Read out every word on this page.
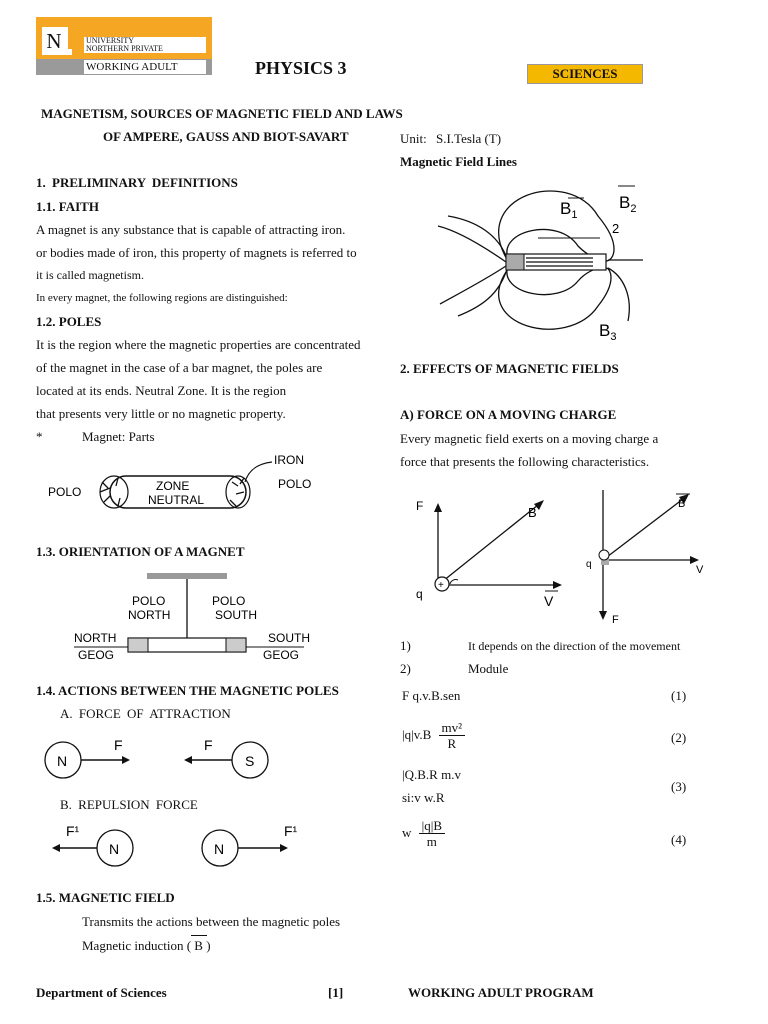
N	UNIVERSITY
NORTHERN PRIVATE
WORKING ADULT	PHYSICS 3	SCIENCES
MAGNETISM, SOURCES OF MAGNETIC FIELD AND LAWS
OF AMPERE, GAUSS AND BIOT-SAVART
1. PRELIMINARY DEFINITIONS
1.1. FAITH
A magnet is any substance that is capable of attracting iron.
or bodies made of iron, this property of magnets is referred to
it is called magnetism.
In every magnet, the following regions are distinguished:
1.2. POLES
It is the region where the magnetic properties are concentrated
of the magnet in the case of a bar magnet, the poles are
located at its ends. Neutral Zone. It is the region
that presents very little or no magnetic property.
*	Magnet: Parts
IRON
POLO
POLO
ZONE
NEUTRAL
1.3. ORIENTATION OF A MAGNET
POLO
NORTH
POLO
SOUTH
NORTH
GEOG
SOUTH
GEOG
1.4. ACTIONS BETWEEN THE MAGNETIC POLES
A. FORCE OF ATTRACTION
N
F
S
F
B. REPULSION FORCE
N
F¹
N
F¹
1.5. MAGNETIC FIELD
Transmits the actions between the magnetic poles
Magnetic induction ( B )
Unit: S.I.Tesla (T)
Magnetic Field Lines
$B_1$
$B_2$
2
$B_3$
2. EFFECTS OF MAGNETIC FIELDS
A) FORCE ON A MOVING CHARGE
Every magnetic field exerts on a moving charge a
force that presents the following characteristics.
+
F	B
q	V
B
q	V
F
1)	It depends on the direction of the movement
2)	Module
F q.v.B.sen	(1)
$|q|v.B \frac{\text{mv²}}{R}$	(2)
|Q.B.R m.v
si:v w.R
(3)
w $\frac{|q|B}{m}$	(4)
Department of Sciences	[1]	WORKING ADULT PROGRAM
